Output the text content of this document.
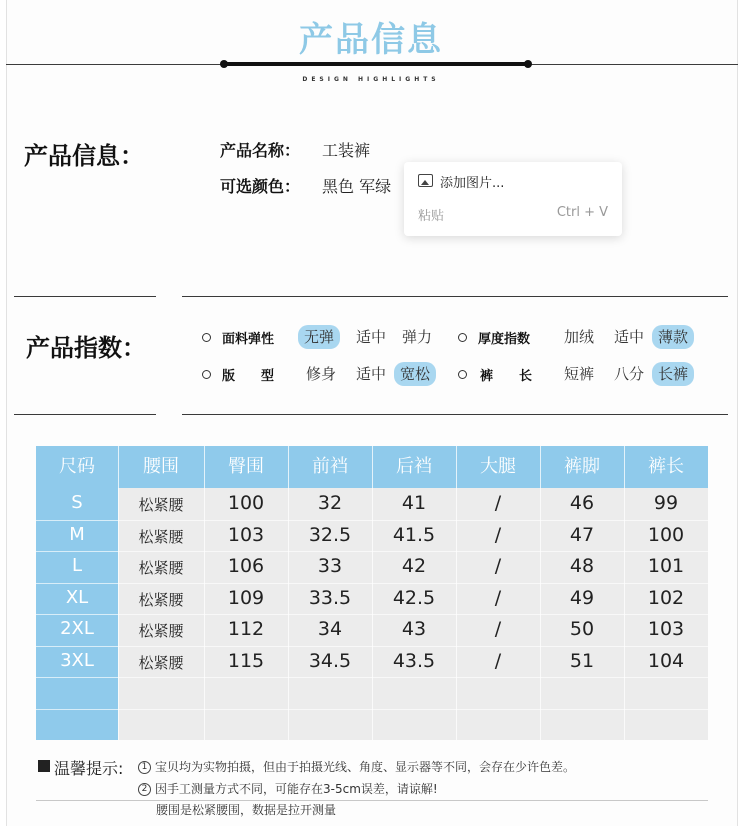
产品信息
DESIGN HIGHLIGHTS
产品信息：	产品名称： 工装裤
可选颜色： 黑色 军绿	添加图片...
粘贴	Ctrl + V
产品指数：	面料弹性	无弹	适中 弹力	厚度指数 加绒 适中 薄款
版　　型 修身 适中 宽松	裤　　长 短裤 八分 长裤
尺码	腰围	臀围	前裆	后裆	大腿	裤脚	裤长
S	松紧腰	100	32	41	/	46	99
M	松紧腰	103	32.5	41.5	/	47	100
L	松紧腰	106	33	42	/	48	101
XL	松紧腰	109	33.5	42.5	/	49	102
2XL	松紧腰	112	34	43	/	50	103
3XL	松紧腰	115	34.5	43.5	/	51	104
温馨提示:	1 宝贝均为实物拍摄，但由于拍摄光线、角度、显示器等不同，会存在少许色差。
2 因手工测量方式不同，可能存在3-5cm误差，请谅解!
腰围是松紧腰围，数据是拉开测量
